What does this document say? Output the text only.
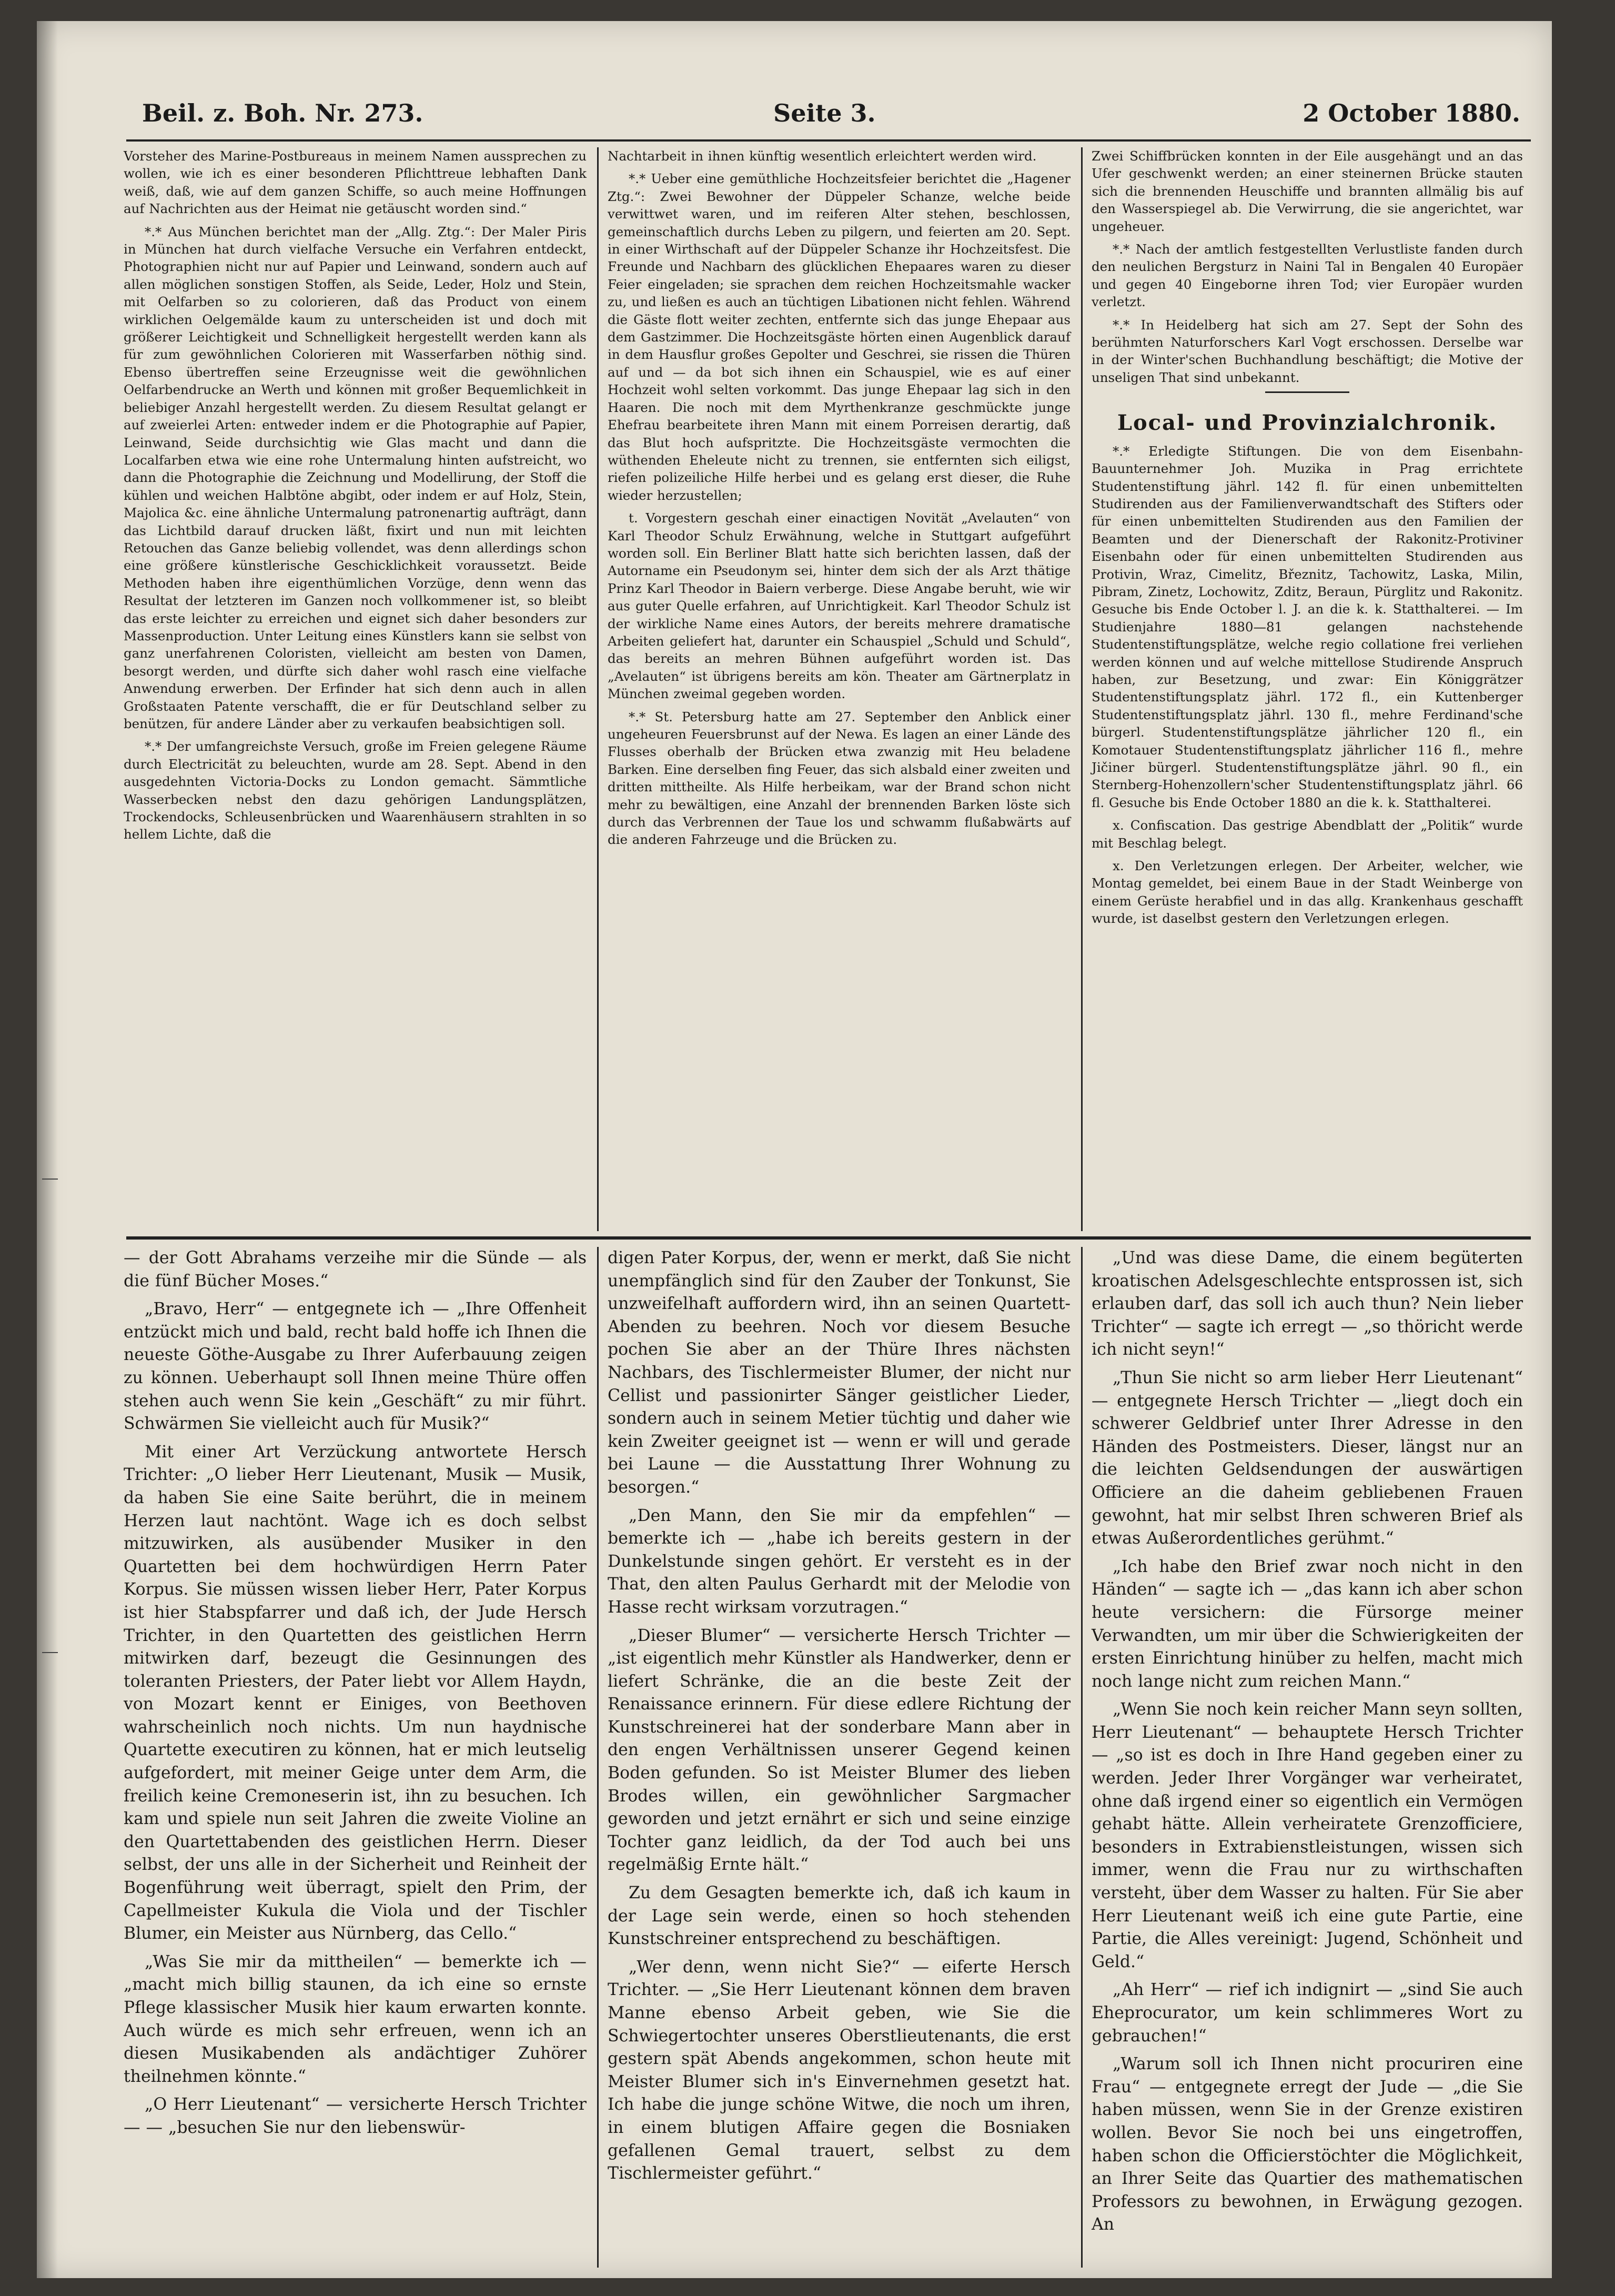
Beil. z. Boh. Nr. 273.	Seite 3.	2 October 1880.

Vorsteher des Marine-Postbureaus in meinem Namen aussprechen zu wollen, wie ich es einer besonderen Pflichttreue lebhaften Dank weiß, daß, wie auf dem ganzen Schiffe, so auch meine Hoffnungen auf Nachrichten aus der Heimat nie getäuscht worden sind.“

*.* Aus München berichtet man der „Allg. Ztg.“: Der Maler Piris in München hat durch vielfache Versuche ein Verfahren entdeckt, Photographien nicht nur auf Papier und Leinwand, sondern auch auf allen möglichen sonstigen Stoffen, als Seide, Leder, Holz und Stein, mit Oelfarben so zu colorieren, daß das Product von einem wirklichen Oelgemälde kaum zu unterscheiden ist und doch mit größerer Leichtigkeit und Schnelligkeit hergestellt werden kann als für zum gewöhnlichen Colorieren mit Wasserfarben nöthig sind. Ebenso übertreffen seine Erzeugnisse weit die gewöhnlichen Oelfarbendrucke an Werth und können mit großer Bequemlichkeit in beliebiger Anzahl hergestellt werden. Zu diesem Resultat gelangt er auf zweierlei Arten: entweder indem er die Photographie auf Papier, Leinwand, Seide durchsichtig wie Glas macht und dann die Localfarben etwa wie eine rohe Untermalung hinten aufstreicht, wo dann die Photographie die Zeichnung und Modellirung, der Stoff die kühlen und weichen Halbtöne abgibt, oder indem er auf Holz, Stein, Majolica &c. eine ähnliche Untermalung patronenartig aufträgt, dann das Lichtbild darauf drucken läßt, fixirt und nun mit leichten Retouchen das Ganze beliebig vollendet, was denn allerdings schon eine größere künstlerische Geschicklichkeit voraussetzt. Beide Methoden haben ihre eigenthümlichen Vorzüge, denn wenn das Resultat der letzteren im Ganzen noch vollkommener ist, so bleibt das erste leichter zu erreichen und eignet sich daher besonders zur Massenproduction. Unter Leitung eines Künstlers kann sie selbst von ganz unerfahrenen Coloristen, vielleicht am besten von Damen, besorgt werden, und dürfte sich daher wohl rasch eine vielfache Anwendung erwerben. Der Erfinder hat sich denn auch in allen Großstaaten Patente verschafft, die er für Deutschland selber zu benützen, für andere Länder aber zu verkaufen beabsichtigen soll.

*.* Der umfangreichste Versuch, große im Freien gelegene Räume durch Electricität zu beleuchten, wurde am 28. Sept. Abend in den ausgedehnten Victoria-Docks zu London gemacht. Sämmtliche Wasserbecken nebst den dazu gehörigen Landungsplätzen, Trockendocks, Schleusenbrücken und Waarenhäusern strahlten in so hellem Lichte, daß die

Nachtarbeit in ihnen künftig wesentlich erleichtert werden wird.

*.* Ueber eine gemüthliche Hochzeitsfeier berichtet die „Hagener Ztg.“: Zwei Bewohner der Düppeler Schanze, welche beide verwittwet waren, und im reiferen Alter stehen, beschlossen, gemeinschaftlich durchs Leben zu pilgern, und feierten am 20. Sept. in einer Wirthschaft auf der Düppeler Schanze ihr Hochzeitsfest. Die Freunde und Nachbarn des glücklichen Ehepaares waren zu dieser Feier eingeladen; sie sprachen dem reichen Hochzeitsmahle wacker zu, und ließen es auch an tüchtigen Libationen nicht fehlen. Während die Gäste flott weiter zechten, entfernte sich das junge Ehepaar aus dem Gastzimmer. Die Hochzeitsgäste hörten einen Augenblick darauf in dem Hausflur großes Gepolter und Geschrei, sie rissen die Thüren auf und — da bot sich ihnen ein Schauspiel, wie es auf einer Hochzeit wohl selten vorkommt. Das junge Ehepaar lag sich in den Haaren. Die noch mit dem Myrthenkranze geschmückte junge Ehefrau bearbeitete ihren Mann mit einem Porreisen derartig, daß das Blut hoch aufspritzte. Die Hochzeitsgäste vermochten die wüthenden Eheleute nicht zu trennen, sie entfernten sich eiligst, riefen polizeiliche Hilfe herbei und es gelang erst dieser, die Ruhe wieder herzustellen;

t. Vorgestern geschah einer einactigen Novität „Avelauten“ von Karl Theodor Schulz Erwähnung, welche in Stuttgart aufgeführt worden soll. Ein Berliner Blatt hatte sich berichten lassen, daß der Autorname ein Pseudonym sei, hinter dem sich der als Arzt thätige Prinz Karl Theodor in Baiern verberge. Diese Angabe beruht, wie wir aus guter Quelle erfahren, auf Unrichtigkeit. Karl Theodor Schulz ist der wirkliche Name eines Autors, der bereits mehrere dramatische Arbeiten geliefert hat, darunter ein Schauspiel „Schuld und Schuld“, das bereits an mehren Bühnen aufgeführt worden ist. Das „Avelauten“ ist übrigens bereits am kön. Theater am Gärtnerplatz in München zweimal gegeben worden.

*.* St. Petersburg hatte am 27. September den Anblick einer ungeheuren Feuersbrunst auf der Newa. Es lagen an einer Lände des Flusses oberhalb der Brücken etwa zwanzig mit Heu beladene Barken. Eine derselben fing Feuer, das sich alsbald einer zweiten und dritten mittheilte. Als Hilfe herbeikam, war der Brand schon nicht mehr zu bewältigen, eine Anzahl der brennenden Barken löste sich durch das Verbrennen der Taue los und schwamm flußabwärts auf die anderen Fahrzeuge und die Brücken zu.

Zwei Schiffbrücken konnten in der Eile ausgehängt und an das Ufer geschwenkt werden; an einer steinernen Brücke stauten sich die brennenden Heuschiffe und brannten allmälig bis auf den Wasserspiegel ab. Die Verwirrung, die sie angerichtet, war ungeheuer.

*.* Nach der amtlich festgestellten Verlustliste fanden durch den neulichen Bergsturz in Naini Tal in Bengalen 40 Europäer und gegen 40 Eingeborne ihren Tod; vier Europäer wurden verletzt.

*.* In Heidelberg hat sich am 27. Sept der Sohn des berühmten Naturforschers Karl Vogt erschossen. Derselbe war in der Winter'schen Buchhandlung beschäftigt; die Motive der unseligen That sind unbekannt.

Local- und Provinzialchronik.

*.* Erledigte Stiftungen. Die von dem Eisenbahn-Bauunternehmer Joh. Muzika in Prag errichtete Studentenstiftung jährl. 142 fl. für einen unbemittelten Studirenden aus der Familienverwandtschaft des Stifters oder für einen unbemittelten Studirenden aus den Familien der Beamten und der Dienerschaft der Rakonitz-Protiviner Eisenbahn oder für einen unbemittelten Studirenden aus Protivin, Wraz, Cimelitz, Březnitz, Tachowitz, Laska, Milin, Pibram, Zinetz, Lochowitz, Zditz, Beraun, Pürglitz und Rakonitz. Gesuche bis Ende October l. J. an die k. k. Statthalterei. — Im Studienjahre 1880—81 gelangen nachstehende Studentenstiftungsplätze, welche regio collatione frei verliehen werden können und auf welche mittellose Studirende Anspruch haben, zur Besetzung, und zwar: Ein Königgrätzer Studentenstiftungsplatz jährl. 172 fl., ein Kuttenberger Studentenstiftungsplatz jährl. 130 fl., mehre Ferdinand'sche bürgerl. Studentenstiftungsplätze jährlicher 120 fl., ein Komotauer Studentenstiftungsplatz jährlicher 116 fl., mehre Jičiner bürgerl. Studentenstiftungsplätze jährl. 90 fl., ein Sternberg-Hohenzollern'scher Studentenstiftungsplatz jährl. 66 fl. Gesuche bis Ende October 1880 an die k. k. Statthalterei.

x. Confiscation. Das gestrige Abendblatt der „Politik“ wurde mit Beschlag belegt.

x. Den Verletzungen erlegen. Der Arbeiter, welcher, wie Montag gemeldet, bei einem Baue in der Stadt Weinberge von einem Gerüste herabfiel und in das allg. Krankenhaus geschafft wurde, ist daselbst gestern den Verletzungen erlegen.

— der Gott Abrahams verzeihe mir die Sünde — als die fünf Bücher Moses.“

„Bravo, Herr“ — entgegnete ich — „Ihre Offenheit entzückt mich und bald, recht bald hoffe ich Ihnen die neueste Göthe-Ausgabe zu Ihrer Auferbauung zeigen zu können. Ueberhaupt soll Ihnen meine Thüre offen stehen auch wenn Sie kein „Geschäft“ zu mir führt. Schwärmen Sie vielleicht auch für Musik?“

Mit einer Art Verzückung antwortete Hersch Trichter: „O lieber Herr Lieutenant, Musik — Musik, da haben Sie eine Saite berührt, die in meinem Herzen laut nachtönt. Wage ich es doch selbst mitzuwirken, als ausübender Musiker in den Quartetten bei dem hochwürdigen Herrn Pater Korpus. Sie müssen wissen lieber Herr, Pater Korpus ist hier Stabspfarrer und daß ich, der Jude Hersch Trichter, in den Quartetten des geistlichen Herrn mitwirken darf, bezeugt die Gesinnungen des toleranten Priesters, der Pater liebt vor Allem Haydn, von Mozart kennt er Einiges, von Beethoven wahrscheinlich noch nichts. Um nun haydnische Quartette executiren zu können, hat er mich leutselig aufgefordert, mit meiner Geige unter dem Arm, die freilich keine Cremoneserin ist, ihn zu besuchen. Ich kam und spiele nun seit Jahren die zweite Violine an den Quartettabenden des geistlichen Herrn. Dieser selbst, der uns alle in der Sicherheit und Reinheit der Bogenführung weit überragt, spielt den Prim, der Capellmeister Kukula die Viola und der Tischler Blumer, ein Meister aus Nürnberg, das Cello.“

„Was Sie mir da mittheilen“ — bemerkte ich — „macht mich billig staunen, da ich eine so ernste Pflege klassischer Musik hier kaum erwarten konnte. Auch würde es mich sehr erfreuen, wenn ich an diesen Musikabenden als andächtiger Zuhörer theilnehmen könnte.“

„O Herr Lieutenant“ — versicherte Hersch Trichter — — „besuchen Sie nur den liebenswür-

digen Pater Korpus, der, wenn er merkt, daß Sie nicht unempfänglich sind für den Zauber der Tonkunst, Sie unzweifelhaft auffordern wird, ihn an seinen Quartett-Abenden zu beehren. Noch vor diesem Besuche pochen Sie aber an der Thüre Ihres nächsten Nachbars, des Tischlermeister Blumer, der nicht nur Cellist und passionirter Sänger geistlicher Lieder, sondern auch in seinem Metier tüchtig und daher wie kein Zweiter geeignet ist — wenn er will und gerade bei Laune — die Ausstattung Ihrer Wohnung zu besorgen.“

„Den Mann, den Sie mir da empfehlen“ — bemerkte ich — „habe ich bereits gestern in der Dunkelstunde singen gehört. Er versteht es in der That, den alten Paulus Gerhardt mit der Melodie von Hasse recht wirksam vorzutragen.“

„Dieser Blumer“ — versicherte Hersch Trichter — „ist eigentlich mehr Künstler als Handwerker, denn er liefert Schränke, die an die beste Zeit der Renaissance erinnern. Für diese edlere Richtung der Kunstschreinerei hat der sonderbare Mann aber in den engen Verhältnissen unserer Gegend keinen Boden gefunden. So ist Meister Blumer des lieben Brodes willen, ein gewöhnlicher Sargmacher geworden und jetzt ernährt er sich und seine einzige Tochter ganz leidlich, da der Tod auch bei uns regelmäßig Ernte hält.“

Zu dem Gesagten bemerkte ich, daß ich kaum in der Lage sein werde, einen so hoch stehenden Kunstschreiner entsprechend zu beschäftigen.

„Wer denn, wenn nicht Sie?“ — eiferte Hersch Trichter. — „Sie Herr Lieutenant können dem braven Manne ebenso Arbeit geben, wie Sie die Schwiegertochter unseres Oberstlieutenants, die erst gestern spät Abends angekommen, schon heute mit Meister Blumer sich in's Einvernehmen gesetzt hat. Ich habe die junge schöne Witwe, die noch um ihren, in einem blutigen Affaire gegen die Bosniaken gefallenen Gemal trauert, selbst zu dem Tischlermeister geführt.“

„Und was diese Dame, die einem begüterten kroatischen Adelsgeschlechte entsprossen ist, sich erlauben darf, das soll ich auch thun? Nein lieber Trichter“ — sagte ich erregt — „so thöricht werde ich nicht seyn!“

„Thun Sie nicht so arm lieber Herr Lieutenant“ — entgegnete Hersch Trichter — „liegt doch ein schwerer Geldbrief unter Ihrer Adresse in den Händen des Postmeisters. Dieser, längst nur an die leichten Geldsendungen der auswärtigen Officiere an die daheim gebliebenen Frauen gewohnt, hat mir selbst Ihren schweren Brief als etwas Außerordentliches gerühmt.“

„Ich habe den Brief zwar noch nicht in den Händen“ — sagte ich — „das kann ich aber schon heute versichern: die Fürsorge meiner Verwandten, um mir über die Schwierigkeiten der ersten Einrichtung hinüber zu helfen, macht mich noch lange nicht zum reichen Mann.“

„Wenn Sie noch kein reicher Mann seyn sollten, Herr Lieutenant“ — behauptete Hersch Trichter — „so ist es doch in Ihre Hand gegeben einer zu werden. Jeder Ihrer Vorgänger war verheiratet, ohne daß irgend einer so eigentlich ein Vermögen gehabt hätte. Allein verheiratete Grenzofficiere, besonders in Extrabienstleistungen, wissen sich immer, wenn die Frau nur zu wirthschaften versteht, über dem Wasser zu halten. Für Sie aber Herr Lieutenant weiß ich eine gute Partie, eine Partie, die Alles vereinigt: Jugend, Schönheit und Geld.“

„Ah Herr“ — rief ich indignirt — „sind Sie auch Eheprocurator, um kein schlimmeres Wort zu gebrauchen!“

„Warum soll ich Ihnen nicht procuriren eine Frau“ — entgegnete erregt der Jude — „die Sie haben müssen, wenn Sie in der Grenze existiren wollen. Bevor Sie noch bei uns eingetroffen, haben schon die Officierstöchter die Möglichkeit, an Ihrer Seite das Quartier des mathematischen Professors zu bewohnen, in Erwägung gezogen. An
